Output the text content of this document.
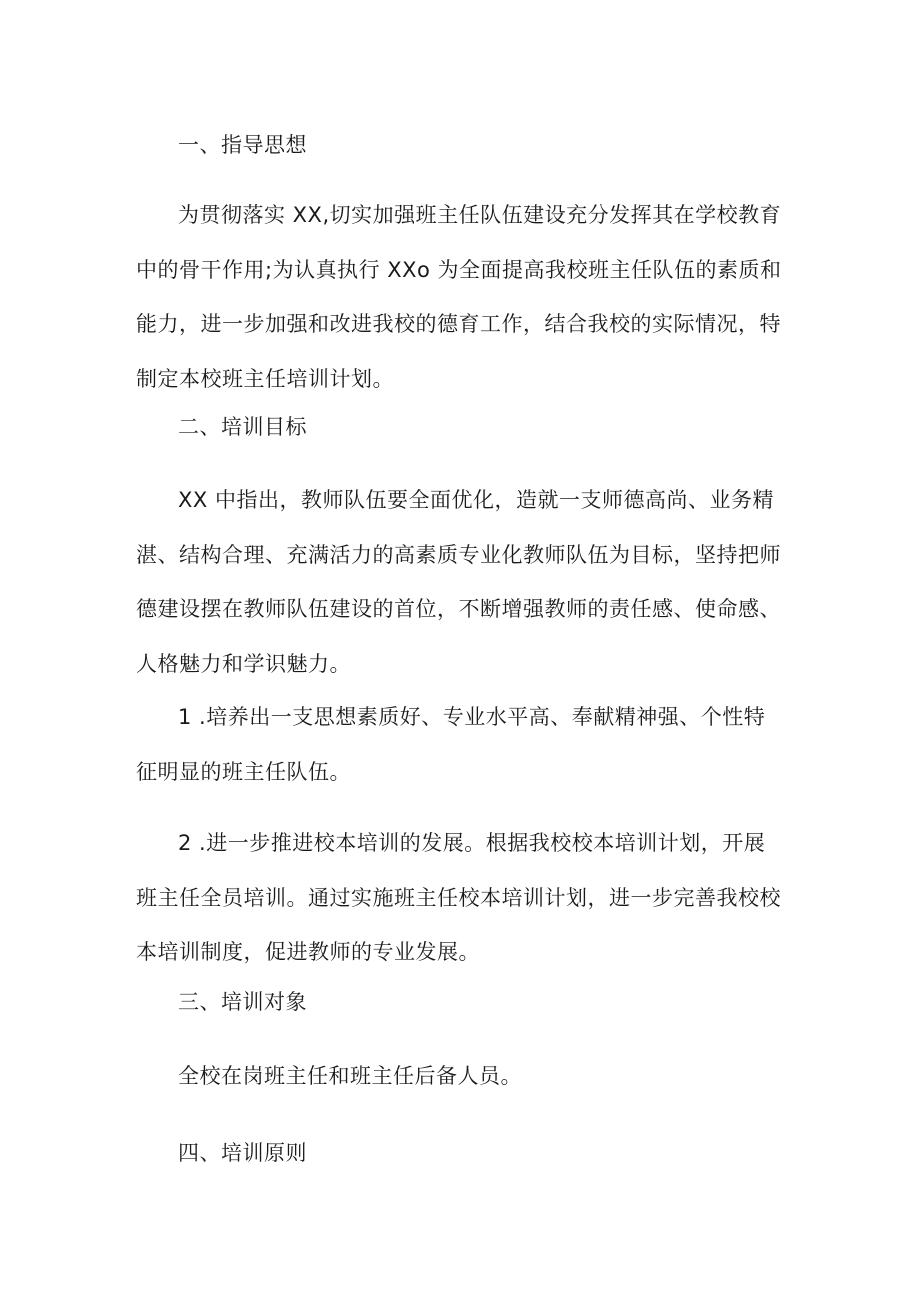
一、指导思想
为贯彻落实 XX,切实加强班主任队伍建设充分发挥其在学校教育
中的骨干作用;为认真执行 XXo 为全面提高我校班主任队伍的素质和
能力，进一步加强和改进我校的德育工作，结合我校的实际情况，特
制定本校班主任培训计划。
二、培训目标
XX 中指出，教师队伍要全面优化，造就一支师德高尚、业务精
湛、结构合理、充满活力的高素质专业化教师队伍为目标，坚持把师
德建设摆在教师队伍建设的首位，不断增强教师的责任感、使命感、
人格魅力和学识魅力。
1 .培养出一支思想素质好、专业水平高、奉献精神强、个性特
征明显的班主任队伍。
2 .进一步推进校本培训的发展。根据我校校本培训计划，开展
班主任全员培训。通过实施班主任校本培训计划，进一步完善我校校
本培训制度，促进教师的专业发展。
三、培训对象
全校在岗班主任和班主任后备人员。
四、培训原则
